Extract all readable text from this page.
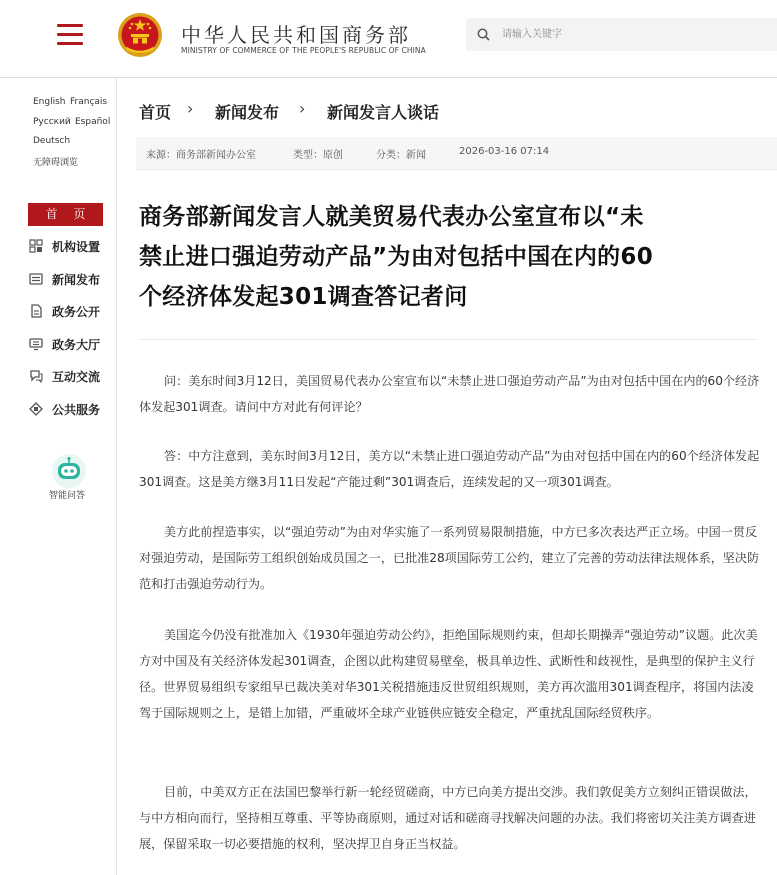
中华人民共和国商务部
MINISTRY OF COMMERCE OF THE PEOPLE'S REPUBLIC OF CHINA
请输入关键字
English Français
Русский Español
Deutsch
无障碍浏览
首 页
机构设置
新闻发布
政务公开
政务大厅
互动交流
公共服务
智能问答
首页 › 新闻发布 › 新闻发言人谈话
来源：商务部新闻办公室	类型：原创	分类：新闻	2026-03-16 07:14
商务部新闻发言人就美贸易代表办公室宣布以“未
禁止进口强迫劳动产品”为由对包括中国在内的60
个经济体发起301调查答记者问

问：美东时间3月12日，美国贸易代表办公室宣布以“未禁止进口强迫劳动产品”为由对包括中国在内的60个经济体发起301调查。请问中方对此有何评论？

答：中方注意到，美东时间3月12日，美方以“未禁止进口强迫劳动产品”为由对包括中国在内的60个经济体发起301调查。这是美方继3月11日发起“产能过剩”301调查后，连续发起的又一项301调查。

美方此前捏造事实，以“强迫劳动”为由对华实施了一系列贸易限制措施，中方已多次表达严正立场。中国一贯反对强迫劳动，是国际劳工组织创始成员国之一，已批准28项国际劳工公约，建立了完善的劳动法律法规体系，坚决防范和打击强迫劳动行为。

美国迄今仍没有批准加入《1930年强迫劳动公约》，拒绝国际规则约束，但却长期操弄“强迫劳动”议题。此次美方对中国及有关经济体发起301调查，企图以此构建贸易壁垒，极具单边性、武断性和歧视性，是典型的保护主义行径。世界贸易组织专家组早已裁决美对华301关税措施违反世贸组织规则，美方再次滥用301调查程序，将国内法凌驾于国际规则之上，是错上加错，严重破坏全球产业链供应链安全稳定，严重扰乱国际经贸秩序。

目前，中美双方正在法国巴黎举行新一轮经贸磋商，中方已向美方提出交涉。我们敦促美方立刻纠正错误做法，与中方相向而行，坚持相互尊重、平等协商原则，通过对话和磋商寻找解决问题的办法。我们将密切关注美方调查进展，保留采取一切必要措施的权利，坚决捍卫自身正当权益。
